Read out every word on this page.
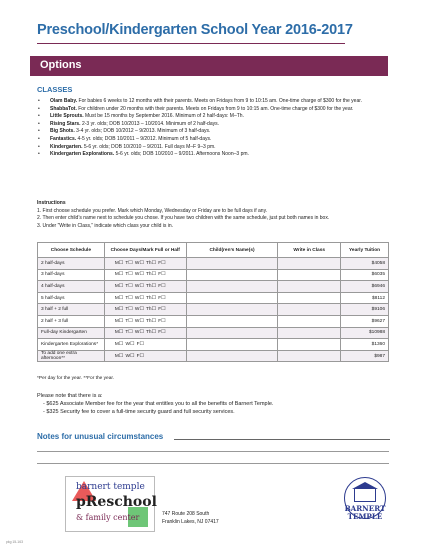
Preschool/Kindergarten School Year 2016-2017
Options
CLASSES
• Olam Baby. For babies 6 weeks to 12 months with their parents. Meets on Fridays from 9 to 10:15 am. One-time charge of $300 for the year.
• ShabbaTot. For children under 20 months with their parents. Meets on Fridays from 9 to 10:15 am. One-time charge of $300 for the year.
• Little Sprouts. Must be 15 months by September 2016. Minimum of 2 half-days: M–Th.
• Rising Stars. 2-3 yr. olds; DOB 10/2013 – 10/2014. Minimum of 2 half-days.
• Big Shots. 3-4 yr. olds; DOB 10/2012 – 9/2013. Minimum of 3 half-days.
• Fantastics. 4-5 yr. olds; DOB 10/2011 – 9/2012. Minimum of 5 half-days.
• Kindergarten. 5-6 yr. olds; DOB 10/2010 – 9/2011. Full days M–F 9–3 pm.
• Kindergarten Explorations. 5-6 yr. olds; DOB 10/2010 – 9/2011. Afternoons Noon–3 pm.
Instructions
1. First choose schedule you prefer. Mark which Monday, Wednesday or Friday are to be full days if any.
2. Then enter child’s name next to schedule you chose. If you have two children with the same schedule, just put both names in box.
3. Under “Write in Class,” indicate which class your child is in.
Choose Schedule	Choose Days/Mark Full or Half	Child(ren’s Name(s)	Write in Class	Yearly Tuition
2 half-days	M☐ T☐ W☐ Th☐ F☐			$4058
3 half-days	M☐ T☐ W☐ Th☐ F☐			$6035
4 half-days	M☐ T☐ W☐ Th☐ F☐			$6946
5 half-days	M☐ T☐ W☐ Th☐ F☐			$8112
3 half + 2 full	M☐ T☐ W☐ Th☐ F☐			$9106
2 half + 3 full	M☐ T☐ W☐ Th☐ F☐			$9627
Full-day Kindergarten	M☐ T☐ W☐ Th☐ F☐			$10988
Kindergarten Explorations*	M☐ W☐ F☐			$1360
To add one extra afternoon**	M☐ W☐ F☐			$987
*Per day for the year. **For the year.
Please note that there is a:
- $625 Associate Member fee for the year that entitles you to all the benefits of Barnert Temple.
- $325 Security fee to cover a full-time security guard and full security services.
Notes for unusual circumstances
barnert temple
pReschool
& family center	747 Route 208 South
Franklin Lakes, NJ 07417
BARNERT
TEMPLE
pkg 15-163
